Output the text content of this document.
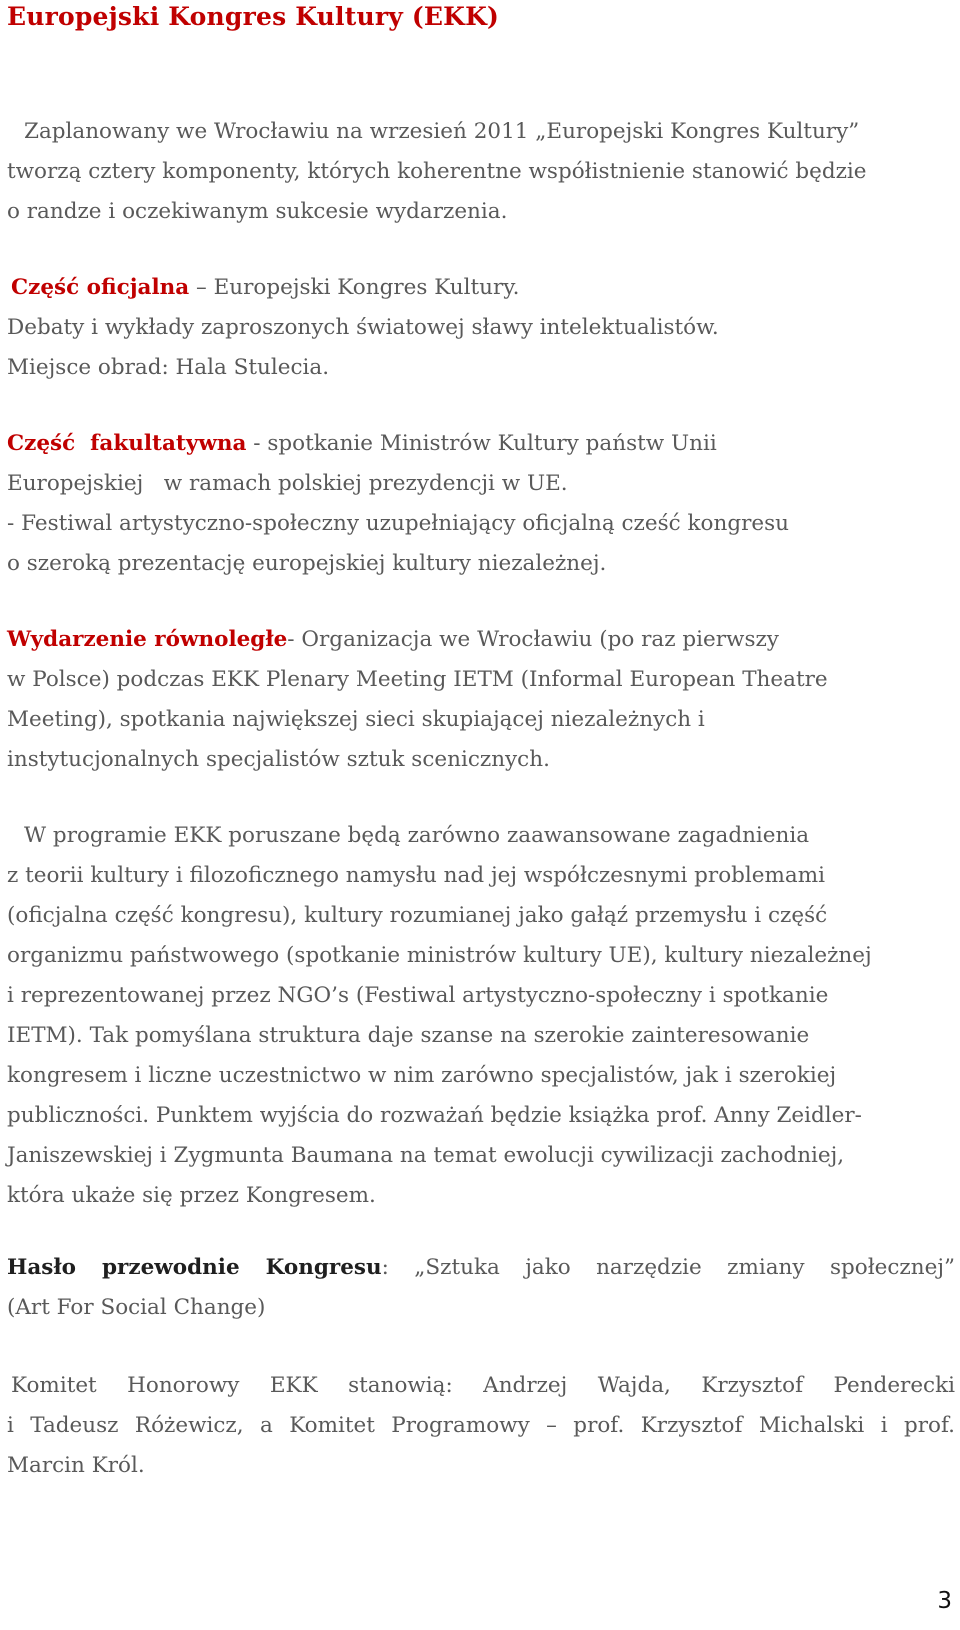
Europejski Kongres Kultury (EKK)

Zaplanowany we Wrocławiu na wrzesień 2011 „Europejski Kongres Kultury”

tworzą cztery komponenty, których koherentne współistnienie stanowić będzie

o randze i oczekiwanym sukcesie wydarzenia.

Część oficjalna – Europejski Kongres Kultury.

Debaty i wykłady zaproszonych światowej sławy intelektualistów.

Miejsce obrad: Hala Stulecia.

Część  fakultatywna - spotkanie Ministrów Kultury państw Unii

Europejskiej   w ramach polskiej prezydencji w UE.

- Festiwal artystyczno-społeczny uzupełniający oficjalną cześć kongresu

o szeroką prezentację europejskiej kultury niezależnej.

Wydarzenie równoległe- Organizacja we Wrocławiu (po raz pierwszy

w Polsce) podczas EKK Plenary Meeting IETM (Informal European Theatre

Meeting), spotkania największej sieci skupiającej niezależnych i

instytucjonalnych specjalistów sztuk scenicznych.

W programie EKK poruszane będą zarówno zaawansowane zagadnienia

z teorii kultury i filozoficznego namysłu nad jej współczesnymi problemami

(oficjalna część kongresu), kultury rozumianej jako gałąź przemysłu i część

organizmu państwowego (spotkanie ministrów kultury UE), kultury niezależnej

i reprezentowanej przez NGO’s (Festiwal artystyczno-społeczny i spotkanie

IETM). Tak pomyślana struktura daje szanse na szerokie zainteresowanie

kongresem i liczne uczestnictwo w nim zarówno specjalistów, jak i szerokiej

publiczności. Punktem wyjścia do rozważań będzie książka prof. Anny Zeidler-

Janiszewskiej i Zygmunta Baumana na temat ewolucji cywilizacji zachodniej,

która ukaże się przez Kongresem.

Hasło przewodnie Kongresu: „Sztuka jako narzędzie zmiany społecznej”

(Art For Social Change)

Komitet Honorowy EKK stanowią: Andrzej Wajda, Krzysztof Penderecki

i Tadeusz Różewicz, a Komitet Programowy – prof. Krzysztof Michalski i prof.

Marcin Król.

3
